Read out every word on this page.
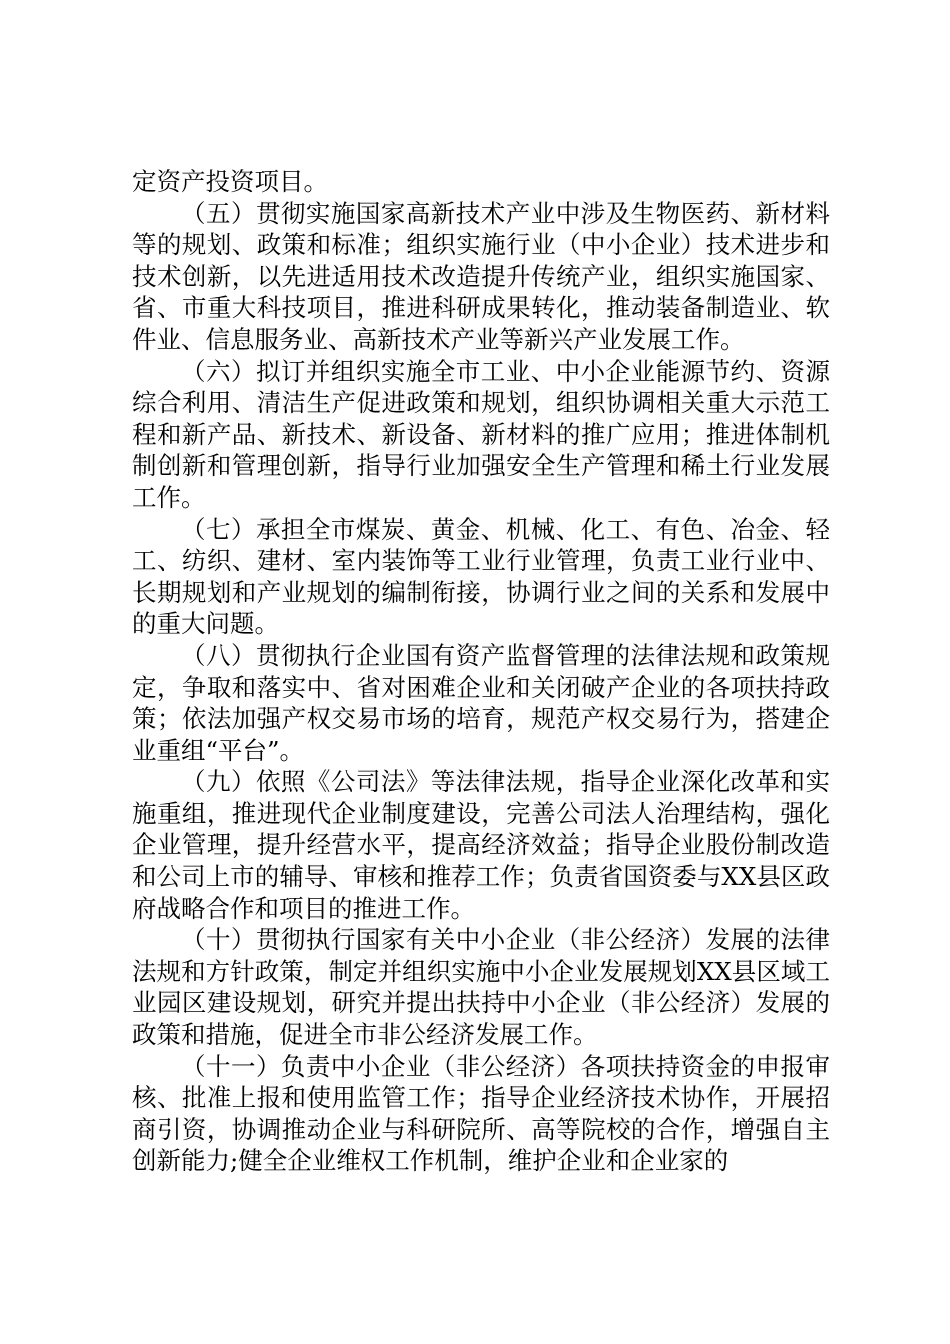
定资产投资项目。

（五）贯彻实施国家高新技术产业中涉及生物医药、新材料等的规划、政策和标准；组织实施行业（中小企业）技术进步和技术创新，以先进适用技术改造提升传统产业，组织实施国家、省、市重大科技项目，推进科研成果转化，推动装备制造业、软件业、信息服务业、高新技术产业等新兴产业发展工作。

（六）拟订并组织实施全市工业、中小企业能源节约、资源综合利用、清洁生产促进政策和规划，组织协调相关重大示范工程和新产品、新技术、新设备、新材料的推广应用；推进体制机制创新和管理创新，指导行业加强安全生产管理和稀土行业发展工作。

（七）承担全市煤炭、黄金、机械、化工、有色、冶金、轻工、纺织、建材、室内装饰等工业行业管理，负责工业行业中、长期规划和产业规划的编制衔接，协调行业之间的关系和发展中的重大问题。

（八）贯彻执行企业国有资产监督管理的法律法规和政策规定，争取和落实中、省对困难企业和关闭破产企业的各项扶持政策；依法加强产权交易市场的培育，规范产权交易行为，搭建企业重组“平台”。

（九）依照《公司法》等法律法规，指导企业深化改革和实施重组，推进现代企业制度建设，完善公司法人治理结构，强化企业管理，提升经营水平，提高经济效益；指导企业股份制改造和公司上市的辅导、审核和推荐工作；负责省国资委与XX县区政府战略合作和项目的推进工作。

（十）贯彻执行国家有关中小企业（非公经济）发展的法律法规和方针政策，制定并组织实施中小企业发展规划XX县区域工业园区建设规划，研究并提出扶持中小企业（非公经济）发展的政策和措施，促进全市非公经济发展工作。

（十一）负责中小企业（非公经济）各项扶持资金的申报审核、批准上报和使用监管工作；指导企业经济技术协作，开展招商引资，协调推动企业与科研院所、高等院校的合作，增强自主创新能力;健全企业维权工作机制，维护企业和企业家的
